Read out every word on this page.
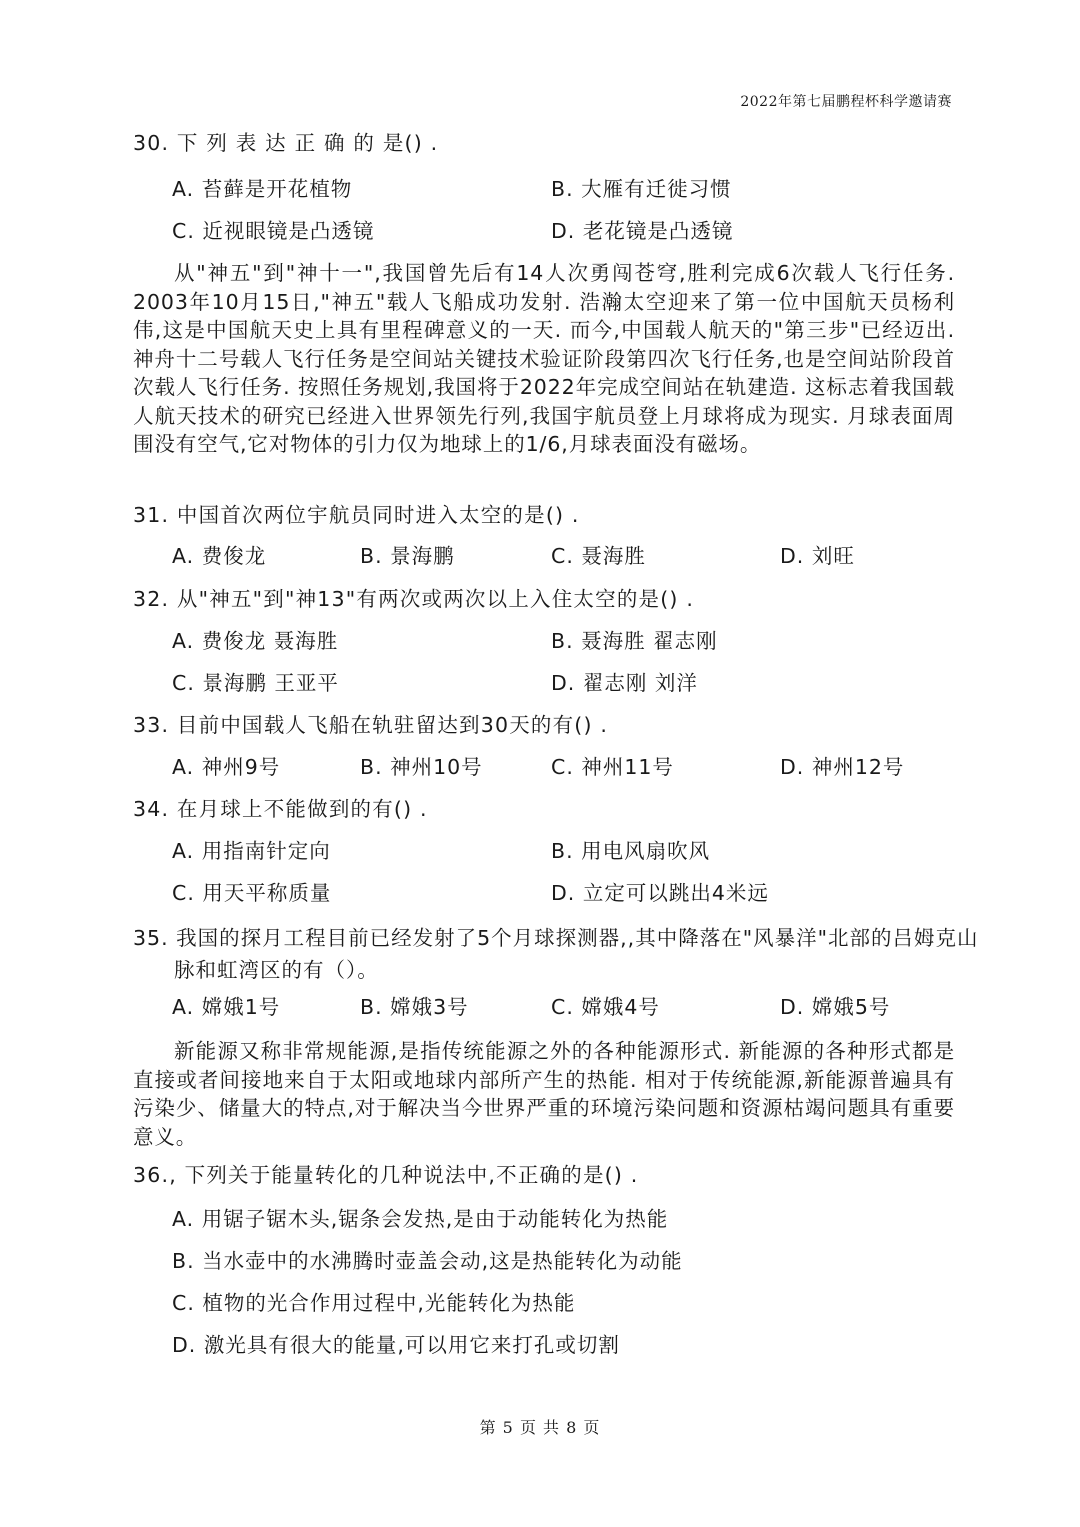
2022年第七届鹏程杯科学邀请赛
30. 下 列 表 达 正 确 的 是() .
A. 苔藓是开花植物	B. 大雁有迁徙习惯
C. 近视眼镜是凸透镜	D. 老花镜是凸透镜
从"神五"到"神十一",我国曾先后有14人次勇闯苍穹,胜利完成6次载人飞行任务. 2003年10月15日,"神五"载人飞船成功发射. 浩瀚太空迎来了第一位中国航天员杨利伟,这是中国航天史上具有里程碑意义的一天. 而今,中国载人航天的"第三步"已经迈出. 神舟十二号载人飞行任务是空间站关键技术验证阶段第四次飞行任务,也是空间站阶段首次载人飞行任务. 按照任务规划,我国将于2022年完成空间站在轨建造. 这标志着我国载人航天技术的研究已经进入世界领先行列,我国宇航员登上月球将成为现实. 月球表面周围没有空气,它对物体的引力仅为地球上的1/6,月球表面没有磁场。
31. 中国首次两位宇航员同时进入太空的是() .
A. 费俊龙	B. 景海鹏	C. 聂海胜	D. 刘旺
32. 从"神五"到"神13"有两次或两次以上入住太空的是() .
A. 费俊龙 聂海胜	B. 聂海胜 翟志刚
C. 景海鹏 王亚平	D. 翟志刚 刘洋
33. 目前中国载人飞船在轨驻留达到30天的有() .
A. 神州9号	B. 神州10号	C. 神州11号	D. 神州12号
34. 在月球上不能做到的有() .
A. 用指南针定向	B. 用电风扇吹风
C. 用天平称质量	D. 立定可以跳出4米远
35. 我国的探月工程目前已经发射了5个月球探测器,,其中降落在"风暴洋"北部的吕姆克山脉和虹湾区的有（）。
A. 嫦娥1号	B. 嫦娥3号	C. 嫦娥4号	D. 嫦娥5号
新能源又称非常规能源,是指传统能源之外的各种能源形式. 新能源的各种形式都是直接或者间接地来自于太阳或地球内部所产生的热能. 相对于传统能源,新能源普遍具有污染少、储量大的特点,对于解决当今世界严重的环境污染问题和资源枯竭问题具有重要意义。
36., 下列关于能量转化的几种说法中,不正确的是() .
A. 用锯子锯木头,锯条会发热,是由于动能转化为热能
B. 当水壶中的水沸腾时壶盖会动,这是热能转化为动能
C. 植物的光合作用过程中,光能转化为热能
D. 激光具有很大的能量,可以用它来打孔或切割
第 5 页 共 8 页
